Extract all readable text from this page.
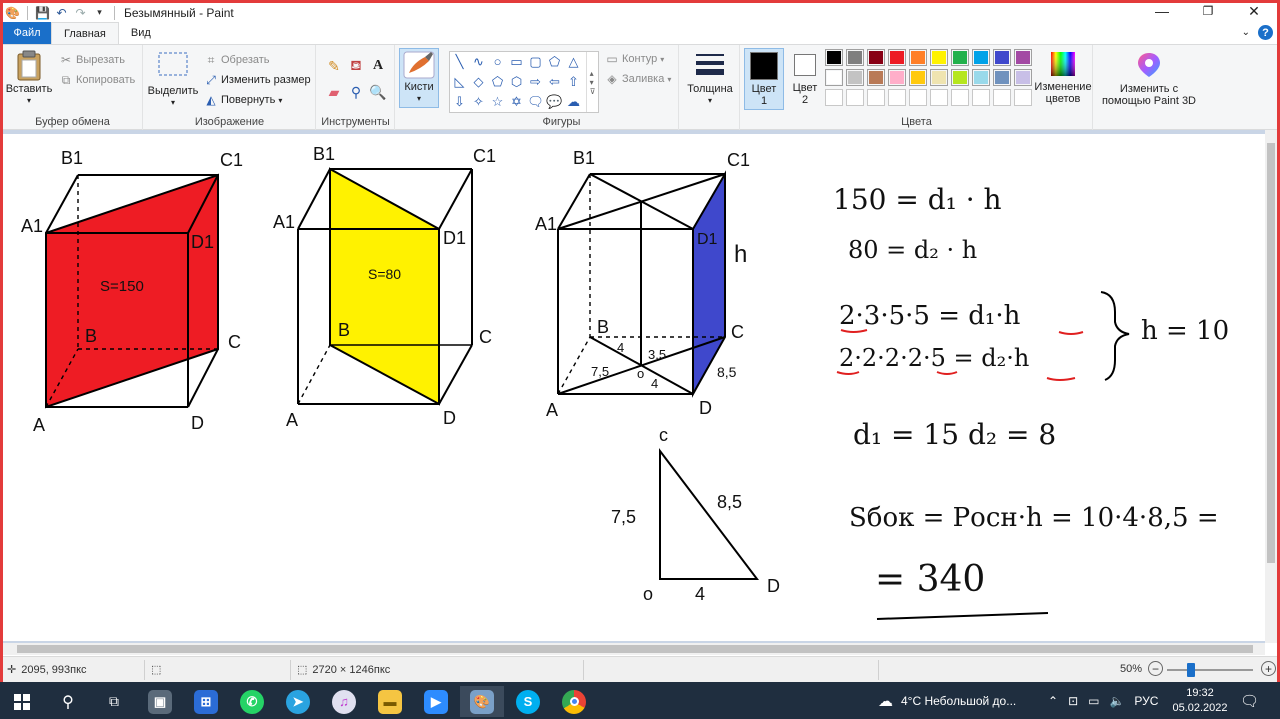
🎨 💾 ↶ ↷	▾	Безымянный - Paint	—	❐	✕
Файл	Главная	Вид	⌄	?
Вставить
▾
✂ Вырезать
⧉ Копировать
Буфер обмена
Выделить
▾
⌗ Обрезать
⤢ Изменить размер
◭ Повернуть ▾
Изображение
✎ ⛾ A
▰ ⚲ 🔍
Инструменты
Кисти
▾
Фигуры
▭ Контур ▾
◈ Заливка ▾
╲ ∿ ○ ▭ ▢ ⬠ △
◺ ◇ ⬠ ⬡ ⇨ ⇦ ⇧
⇩ ✧ ☆ ✡ 🗨 💬 ☁
▴
▾
⊽	Толщина
▾
Цвет
1
Цвет
2
Изменение
цветов
Цвета
Изменить с
помощью Paint 3D
B1	C1
A1
D1
B	C
A	D
S=150
B1	C1
A1
D1
B	C
A	D
S=80
B1	C1
A1
D1
h
B	C
A	D
4 3,5
7,5 o
4
8,5
c
7,5
8,5
4
o	D
150 = d₁ · h
80 = d₂ · h
2·3·5·5 = d₁·h
2·2·2·2·5 = d₂·h
h = 10
d₁ = 15 d₂ = 8
Sбок = Pосн·h = 10·4·8,5 =
= 340
✛ 2095, 993пкс	⬚	⬚ 2720 × 1246пкс	50% −	+
⚲	⧉	▣	⊞	✆	➤	♫	▬	▶	🎨	S	☁ 4°C Небольшой до...	⌃ ⊡ ▭ 🔈 РУС
19:32
05.02.2022 🗨
